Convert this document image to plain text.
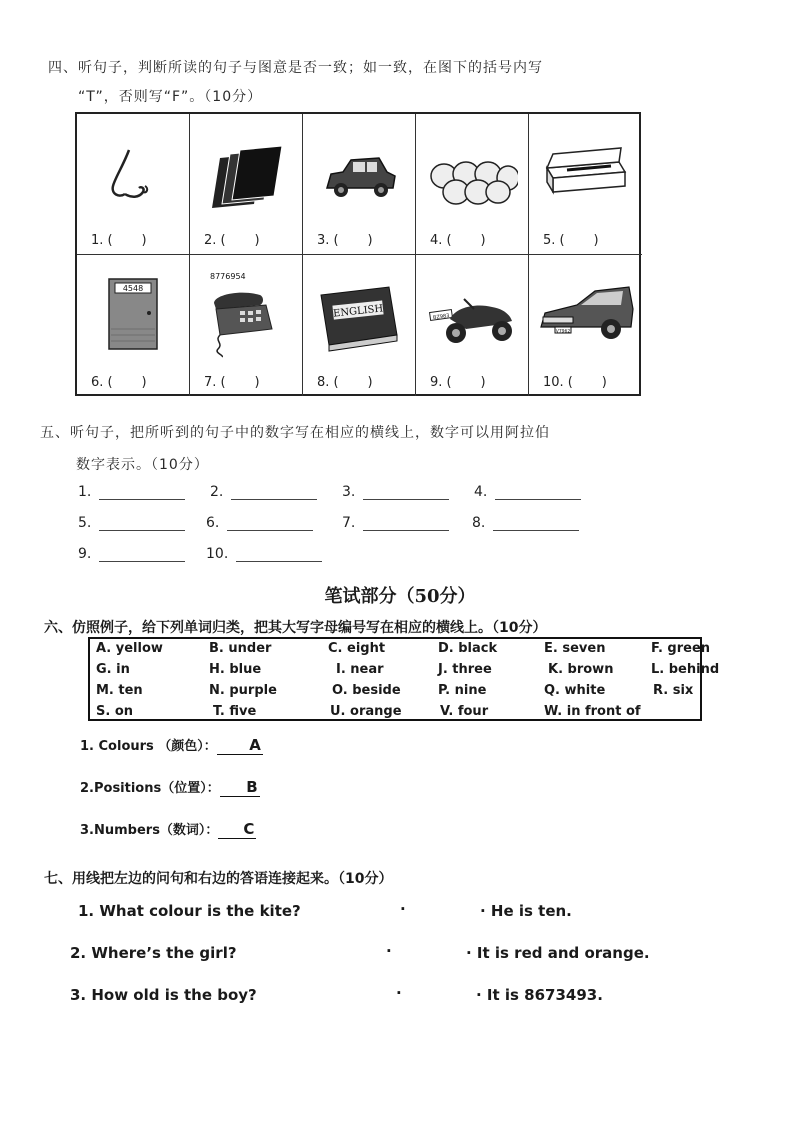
四、听句子，判断所读的句子与图意是否一致；如一致，在图下的括号内写
“T”，否则写“F”。（10分）
1. (       )	2. (       )	3. (       )	4. (       )	5. (       )
4548
6. (       )
8776954
7. (       )
ENGLISH
8. (       )
BZ983
9. (       )
V7962
10. (       )
五、听句子，把所听到的句子中的数字写在相应的横线上，数字可以用阿拉伯
数字表示。（10分）
1.	2.	3.	4.
5.	6.	7.	8.
9.	10.
笔试部分（50分）
六、仿照例子，给下列单词归类，把其大写字母编号写在相应的横线上。（10分）
A. yellow	B. under	C. eight	D. black	E. seven	F. green
G. in	H. blue	I. near	J. three	K. brown	L. behind
M. ten	N. purple	O. beside	P. nine	Q. white	R. six
S. on	T. five	U. orange	V. four	W. in front of
1. Colours （颜色）： A
2.Positions（位置）： B
3.Numbers（数词）： C
七、用线把左边的问句和右边的答语连接起来。（10分）
1. What colour is the kite?	·	· He is ten.
2. Where’s the girl?	·	· It is red and orange.
3. How old is the boy?	·	· It is 8673493.
